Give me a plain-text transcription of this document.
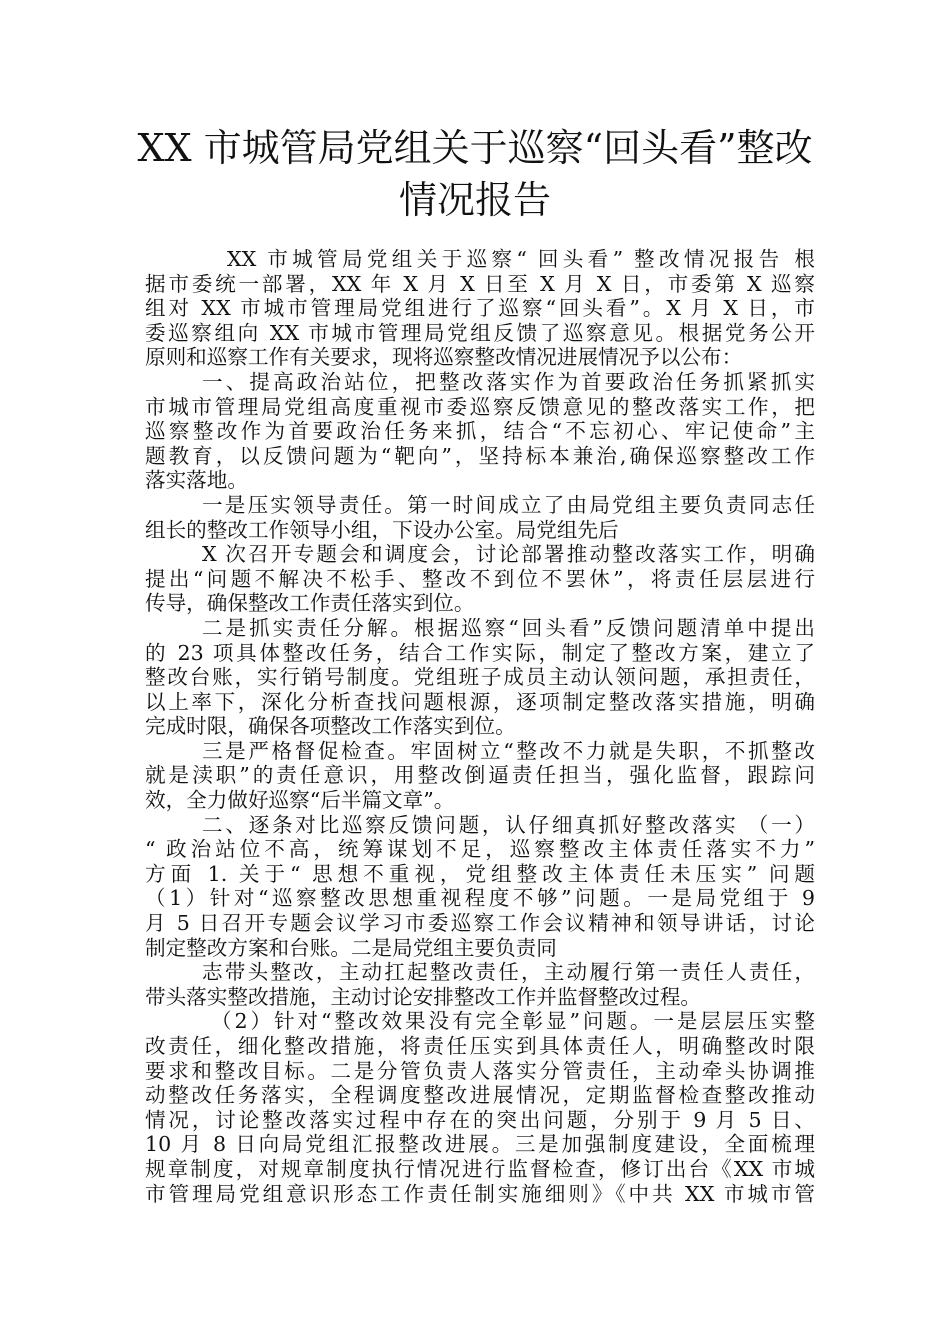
XX 市城管局党组关于巡察“回头看”整改
情况报告
XX 市城管局党组关于巡察“ 回头看” 整改情况报告 根
据市委统一部署，XX 年 X 月 X 日至 X 月 X 日，市委第 X 巡察
组对 XX 市城市管理局党组进行了巡察“回头看”。X 月 X 日，市
委巡察组向 XX 市城市管理局党组反馈了巡察意见。根据党务公开
原则和巡察工作有关要求，现将巡察整改情况进展情况予以公布：
一、提高政治站位，把整改落实作为首要政治任务抓紧抓实
市城市管理局党组高度重视市委巡察反馈意见的整改落实工作，把
巡察整改作为首要政治任务来抓，结合“不忘初心、牢记使命”主
题教育，以反馈问题为“靶向”，坚持标本兼治,确保巡察整改工作
落实落地。
一是压实领导责任。第一时间成立了由局党组主要负责同志任
组长的整改工作领导小组，下设办公室。局党组先后
X 次召开专题会和调度会，讨论部署推动整改落实工作，明确
提出“问题不解决不松手、整改不到位不罢休”，将责任层层进行
传导，确保整改工作责任落实到位。
二是抓实责任分解。根据巡察“回头看”反馈问题清单中提出
的 23 项具体整改任务，结合工作实际，制定了整改方案，建立了
整改台账，实行销号制度。党组班子成员主动认领问题，承担责任，
以上率下，深化分析查找问题根源，逐项制定整改落实措施，明确
完成时限，确保各项整改工作落实到位。
三是严格督促检查。牢固树立“整改不力就是失职，不抓整改
就是渎职”的责任意识，用整改倒逼责任担当，强化监督，跟踪问
效，全力做好巡察“后半篇文章”。
二、逐条对比巡察反馈问题，认仔细真抓好整改落实 （一）
“ 政治站位不高，统筹谋划不足，巡察整改主体责任落实不力”
方面 1. 关于“ 思想不重视，党组整改主体责任未压实” 问题
（1）针对“巡察整改思想重视程度不够”问题。一是局党组于 9
月 5 日召开专题会议学习市委巡察工作会议精神和领导讲话，讨论
制定整改方案和台账。二是局党组主要负责同
志带头整改，主动扛起整改责任，主动履行第一责任人责任，
带头落实整改措施，主动讨论安排整改工作并监督整改过程。
（2）针对“整改效果没有完全彰显”问题。一是层层压实整
改责任，细化整改措施，将责任压实到具体责任人，明确整改时限
要求和整改目标。二是分管负责人落实分管责任，主动牵头协调推
动整改任务落实，全程调度整改进展情况，定期监督检查整改推动
情况，讨论整改落实过程中存在的突出问题，分别于 9 月 5 日、
10 月 8 日向局党组汇报整改进展。三是加强制度建设，全面梳理
规章制度，对规章制度执行情况进行监督检查，修订出台《XX 市城
市管理局党组意识形态工作责任制实施细则》《中共 XX 市城市管
